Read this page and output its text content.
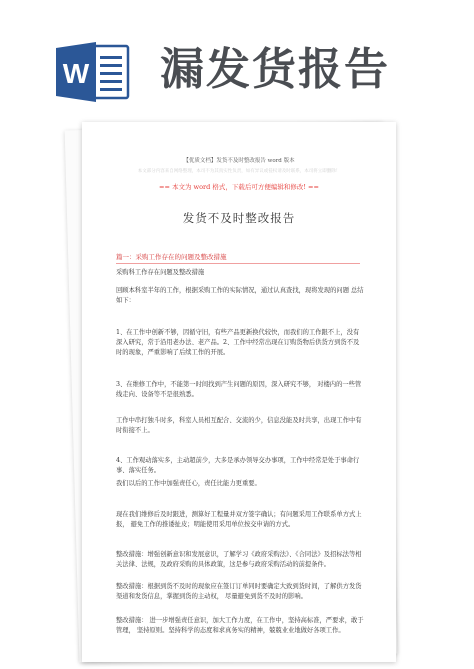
W 漏发货报告
【优质文档】发货不及时整改报告 word 版本
本文部分内容来自网络整理，本司不为其真实性负责，如有异议或侵权请及时联系，本司将立即删除！
== 本文为 word 格式，下载后可方便编辑和修改! ==
发货不及时整改报告
篇一：采购工作存在的问题及整改措施
采购科工作存在问题及整改措施
回顾本科室半年的工作，根据采购工作的实际情况，通过认真查找，现将发现的问题 总结 如下：
1、在工作中创新不够，因循守旧，有些产品更新换代较快，而我们的工作跟不上，没有深入研究，常于沿用老办法、老产品。2、工作中经常出现在订购货物后供货方到货不及时的现象，严重影响了后续工作的开展。
3、在维修工作中，不能第一时间找到产生问题的原因，深入研究不够， 对楼内的一些管线走向、设备等不是很熟悉。
工作中串打独斗时多，科室人员相互配合、交流的少，信息没能及时共享，出现工作中有时衔接不上。
4、工作观动落实多，主动超前少，大多是承办领导交办事项，工作中经常是处于事命行事、落实任务。
我们以后的工作中加强责任心，责任比能力更重要。
现在我们维修后及时跟进，测算好工程量并双方签字确认；有问题采用工作联系单方式上报， 避免工作的推诿扯皮；明能使用采用单位按交申请的方式。
整改措施：增强创新意识和发展意识，了解学习《政府采购法》、《合同法》及招标法等相关法律、法规，及政府采购的具体政策，这是参与政府采购活动的前提条件。
整改措施：根据到货不及时的现象应在签订订单同时要确定大致到货时间，了解供方发货渠道和发货信息，掌握到货的主动权， 尽量避免到货不及时的影响。
整改措施： 进一步增强责任意识，加大工作力度，在工作中，坚持高标准，严要求，敢于管理， 坚持原则。坚持科学的态度和求真务实的精神，兢兢业业地做好各项工作。
